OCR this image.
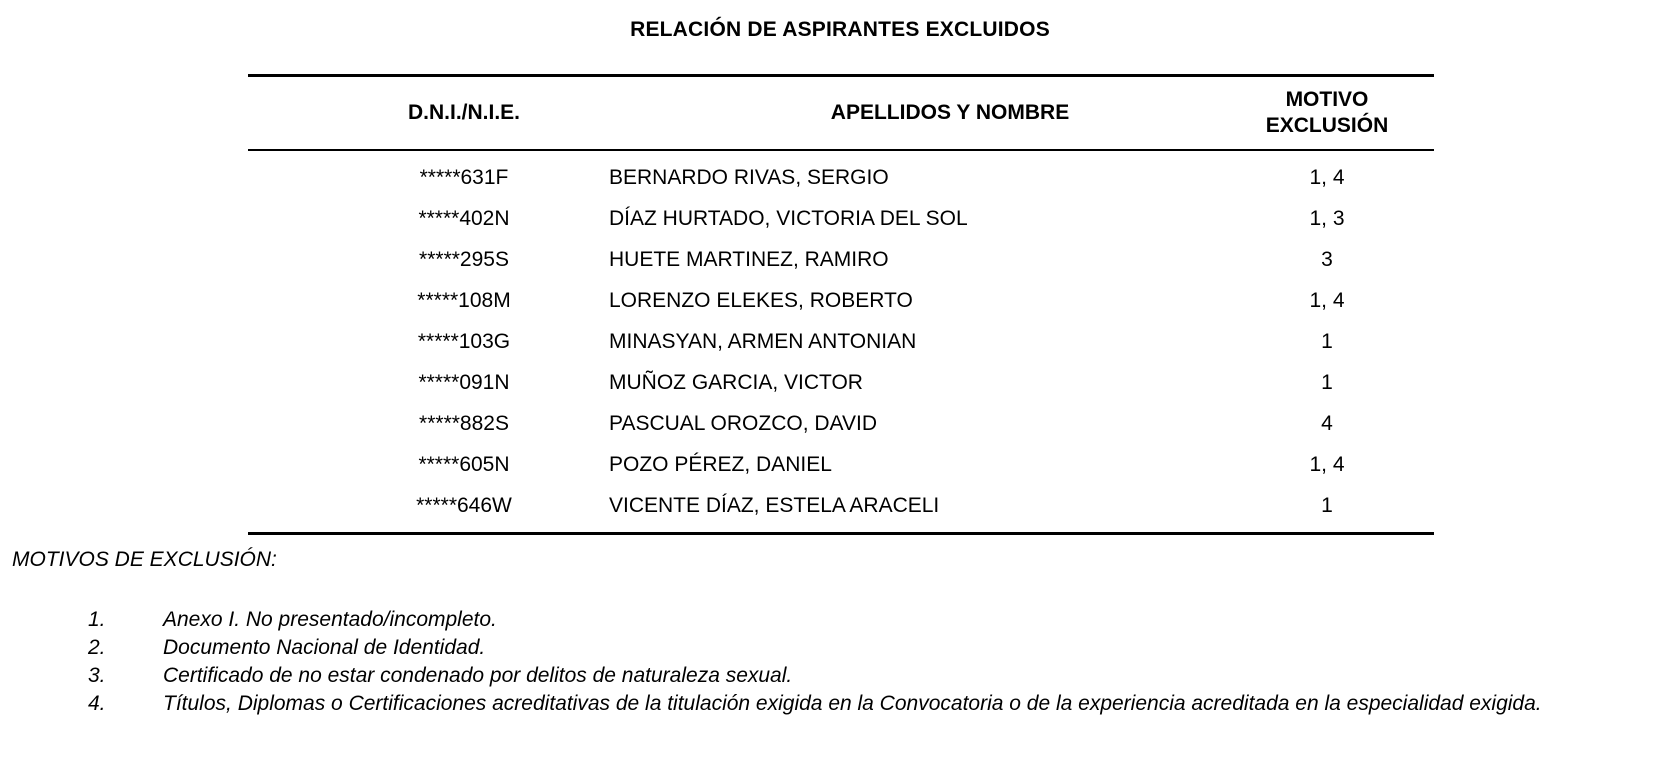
RELACIÓN DE ASPIRANTES EXCLUIDOS
D.N.I./N.I.E.	APELLIDOS Y NOMBRE
MOTIVO
EXCLUSIÓN
*****631F	BERNARDO RIVAS, SERGIO	1, 4
*****402N	DÍAZ HURTADO, VICTORIA DEL SOL	1, 3
*****295S	HUETE MARTINEZ, RAMIRO	3
*****108M	LORENZO ELEKES, ROBERTO	1, 4
*****103G	MINASYAN, ARMEN ANTONIAN	1
*****091N	MUÑOZ GARCIA, VICTOR	1
*****882S	PASCUAL OROZCO, DAVID	4
*****605N	POZO PÉREZ, DANIEL	1, 4
*****646W	VICENTE DÍAZ, ESTELA ARACELI	1
MOTIVOS DE EXCLUSIÓN:
1.	Anexo I. No presentado/incompleto.
2.	Documento Nacional de Identidad.
3.	Certificado de no estar condenado por delitos de naturaleza sexual.
4.	Títulos, Diplomas o Certificaciones acreditativas de la titulación exigida en la Convocatoria o de la experiencia acreditada en la especialidad exigida.
